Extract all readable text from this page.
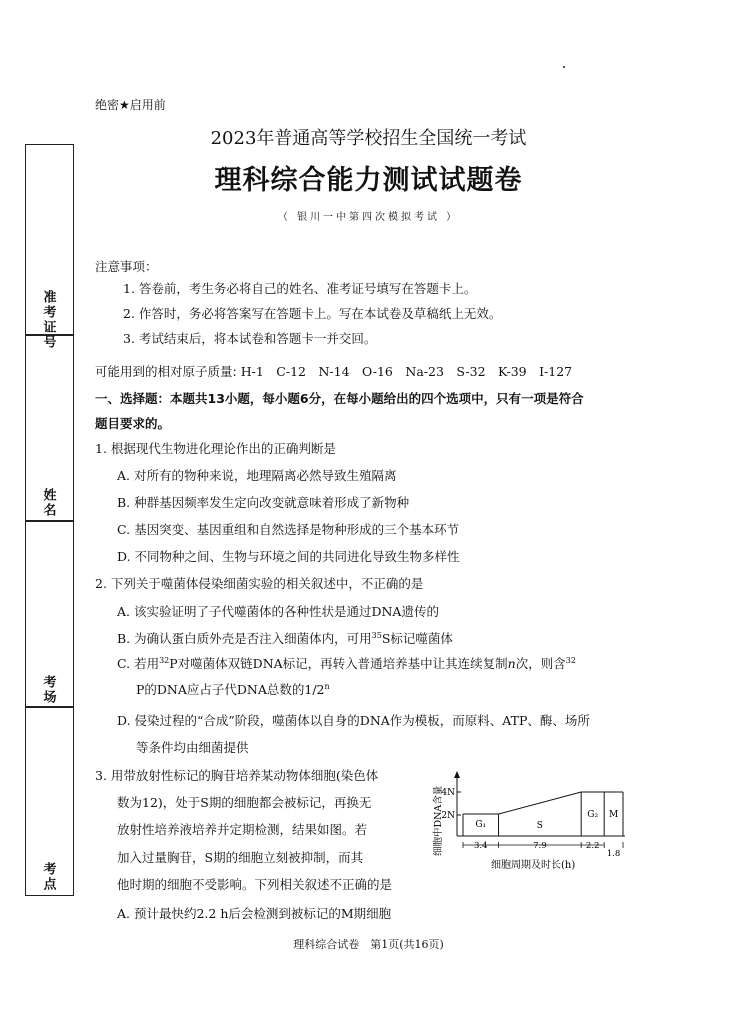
准考证号
姓名
考场
考点
绝密★启用前
2023年普通高等学校招生全国统一考试
理科综合能力测试试题卷
（ 银川一中第四次模拟考试 ）
注意事项：
1. 答卷前，考生务必将自己的姓名、准考证号填写在答题卡上。
2. 作答时，务必将答案写在答题卡上。写在本试卷及草稿纸上无效。
3. 考试结束后，将本试卷和答题卡一并交回。
可能用到的相对原子质量: H-1　C-12　N-14　O-16　Na-23　S-32　K-39　I-127
一、选择题：本题共13小题，每小题6分，在每小题给出的四个选项中，只有一项是符合
题目要求的。
1. 根据现代生物进化理论作出的正确判断是
A. 对所有的物种来说，地理隔离必然导致生殖隔离
B. 种群基因频率发生定向改变就意味着形成了新物种
C. 基因突变、基因重组和自然选择是物种形成的三个基本环节
D. 不同物种之间、生物与环境之间的共同进化导致生物多样性
2. 下列关于噬菌体侵染细菌实验的相关叙述中，不正确的是
A. 该实验证明了子代噬菌体的各种性状是通过DNA遗传的
B. 为确认蛋白质外壳是否注入细菌体内，可用$^{35}$S标记噬菌体
C. 若用$^{32}$P对噬菌体双链DNA标记，再转入普通培养基中让其连续复制n次，则含$^{32}$
P的DNA应占子代DNA总数的1/2$^n$
D. 侵染过程的“合成”阶段，噬菌体以自身的DNA作为模板，而原料、ATP、酶、场所
等条件均由细菌提供
3. 用带放射性标记的胸苷培养某动物体细胞(染色体
数为12)，处于S期的细胞都会被标记，再换无
放射性培养液培养并定期检测，结果如图。若
加入过量胸苷，S期的细胞立刻被抑制，而其
他时期的细胞不受影响。下列相关叙述不正确的是
A. 预计最快约2.2 h后会检测到被标记的M期细胞
细胞中DNA含量
4N
2N
G₁	S
G₂ M
3.4	7.9	2.2
1.8
细胞周期及时长(h)
理科综合试卷　第1页(共16页)
